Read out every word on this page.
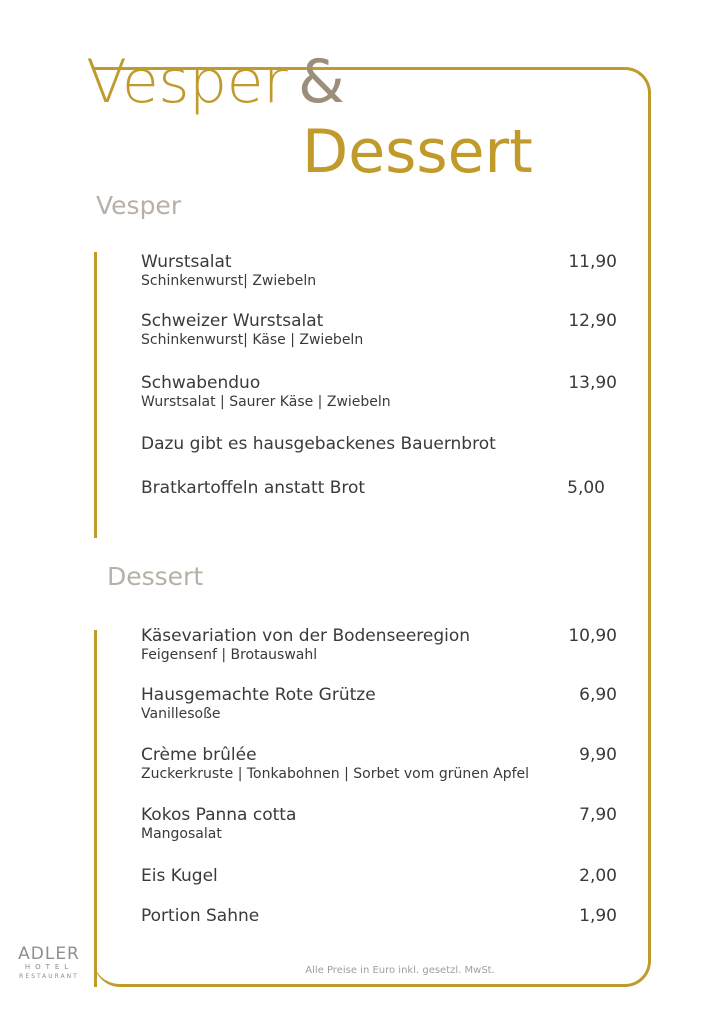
Vesper &
Dessert
Vesper
Wurstsalat
Schinkenwurst| Zwiebeln
11,90
Schweizer Wurstsalat
Schinkenwurst| Käse | Zwiebeln
12,90
Schwabenduo
Wurstsalat | Saurer Käse | Zwiebeln
13,90
Dazu gibt es hausgebackenes Bauernbrot
Bratkartoffeln anstatt Brot	5,00
Dessert
Käsevariation von der Bodenseeregion
Feigensenf | Brotauswahl
10,90
Hausgemachte Rote Grütze
Vanillesoße
6,90
Crème brûlée
Zuckerkruste | Tonkabohnen | Sorbet vom grünen Apfel
9,90
Kokos Panna cotta
Mangosalat
7,90
Eis Kugel	2,00
Portion Sahne	1,90
Alle Preise in Euro inkl. gesetzl. MwSt.
ADLER
HOTEL
RESTAURANT
